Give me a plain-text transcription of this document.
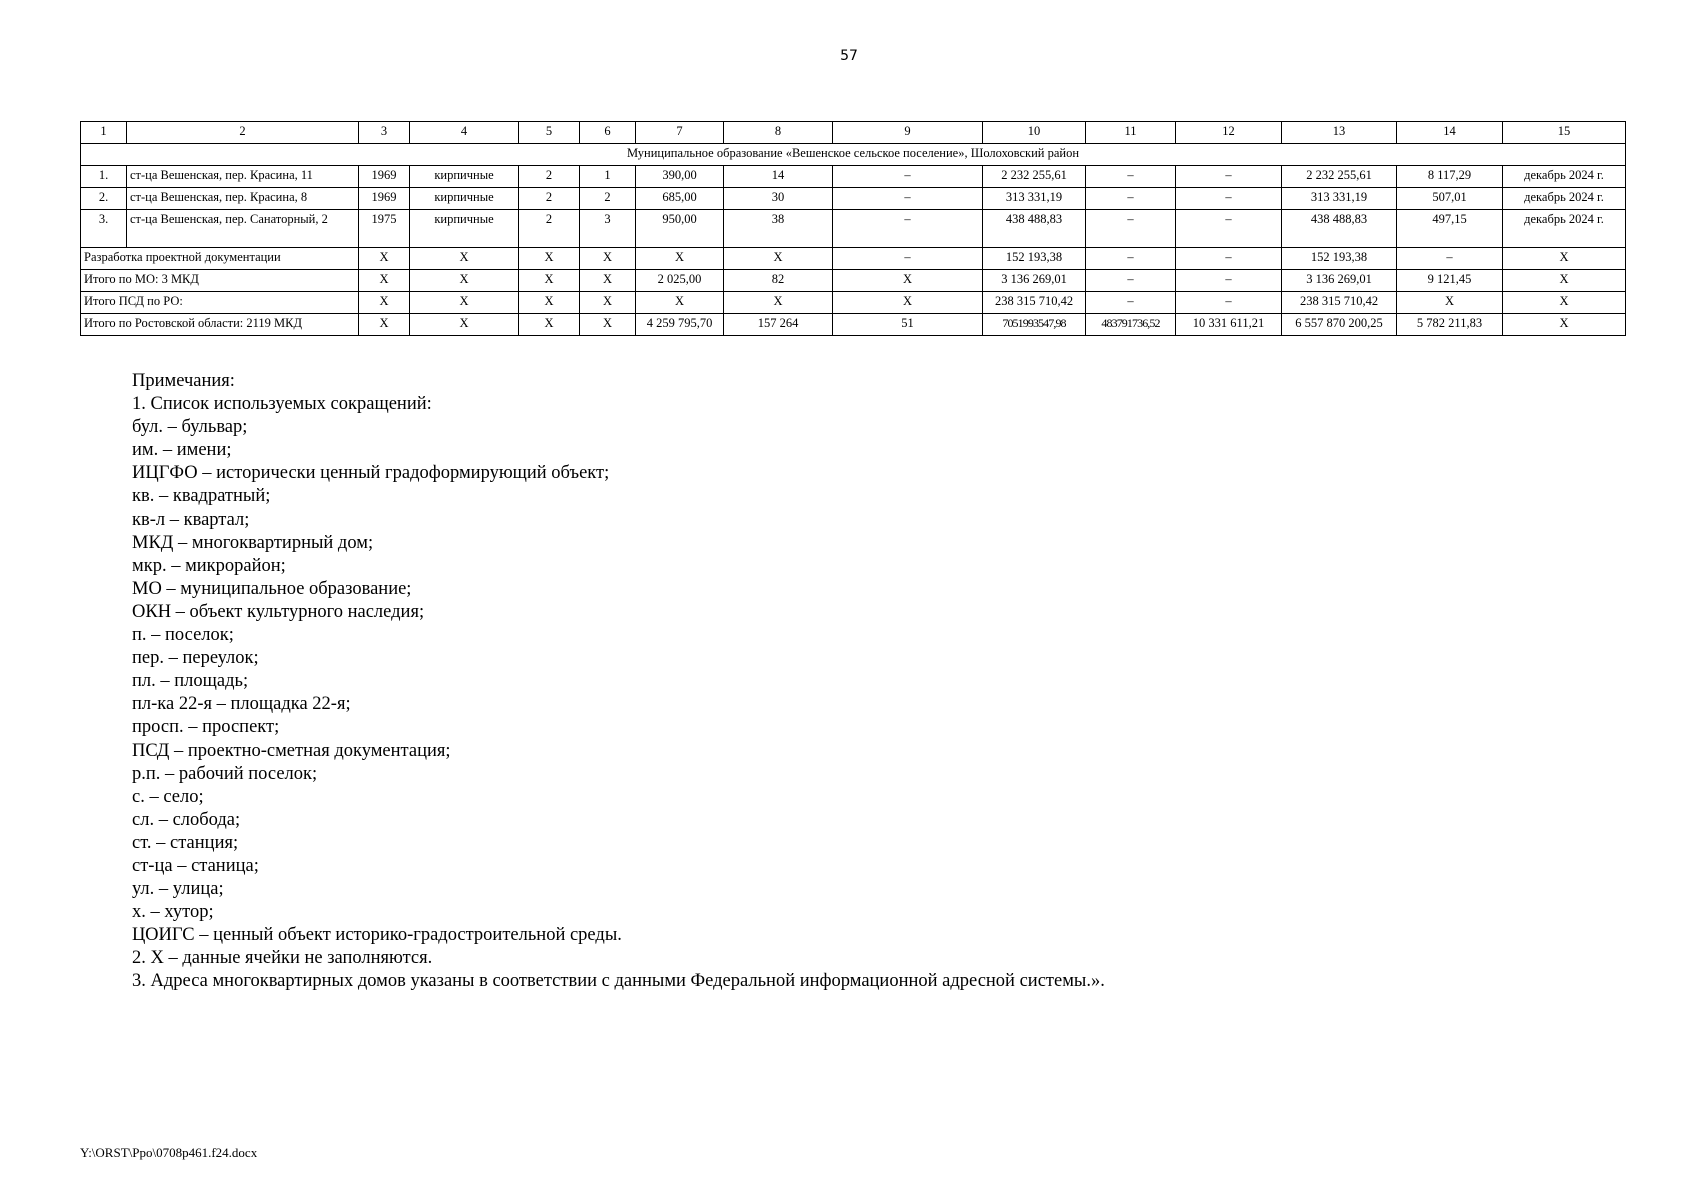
57
1	2	3	4	5	6	7	8	9	10	11	12	13	14	15
Муниципальное образование «Вешенское сельское поселение», Шолоховский район														
1.	ст-ца Вешенская, пер. Красина, 11	1969	кирпичные	2	1	390,00	14	–	2 232 255,61	–	–	2 232 255,61	8 117,29	декабрь 2024 г.
2.	ст-ца Вешенская, пер. Красина, 8	1969	кирпичные	2	2	685,00	30	–	313 331,19	–	–	313 331,19	507,01	декабрь 2024 г.
3.	ст-ца Вешенская, пер. Санаторный, 2	1975	кирпичные	2	3	950,00	38	–	438 488,83	–	–	438 488,83	497,15	декабрь 2024 г.
Разработка проектной документации		X	X	X	X	X	X	–	152 193,38	–	–	152 193,38	–	X
Итого по МО: 3 МКД		X	X	X	X	2 025,00	82	X	3 136 269,01	–	–	3 136 269,01	9 121,45	X
Итого ПСД по РО:		X	X	X	X	X	X	X	238 315 710,42	–	–	238 315 710,42	X	X
Итого по Ростовской области: 2119 МКД		X	X	X	X	4 259 795,70	157 264	51	7051993547,98	483791736,52	10 331 611,21	6 557 870 200,25	5 782 211,83	X
Примечания:
1. Список используемых сокращений:
бул. – бульвар;
им. – имени;
ИЦГФО – исторически ценный градоформирующий объект;
кв. – квадратный;
кв-л – квартал;
МКД – многоквартирный дом;
мкр. – микрорайон;
МО – муниципальное образование;
ОКН – объект культурного наследия;
п. – поселок;
пер. – переулок;
пл. – площадь;
пл-ка 22-я – площадка 22-я;
просп. – проспект;
ПСД – проектно-сметная документация;
р.п. – рабочий поселок;
с. – село;
сл. – слобода;
ст. – станция;
ст-ца – станица;
ул. – улица;
х. – хутор;
ЦОИГС – ценный объект историко-градостроительной среды.
2. X – данные ячейки не заполняются.
3. Адреса многоквартирных домов указаны в соответствии с данными Федеральной информационной адресной системы.».
Y:\ORST\Ppo\0708p461.f24.docx
